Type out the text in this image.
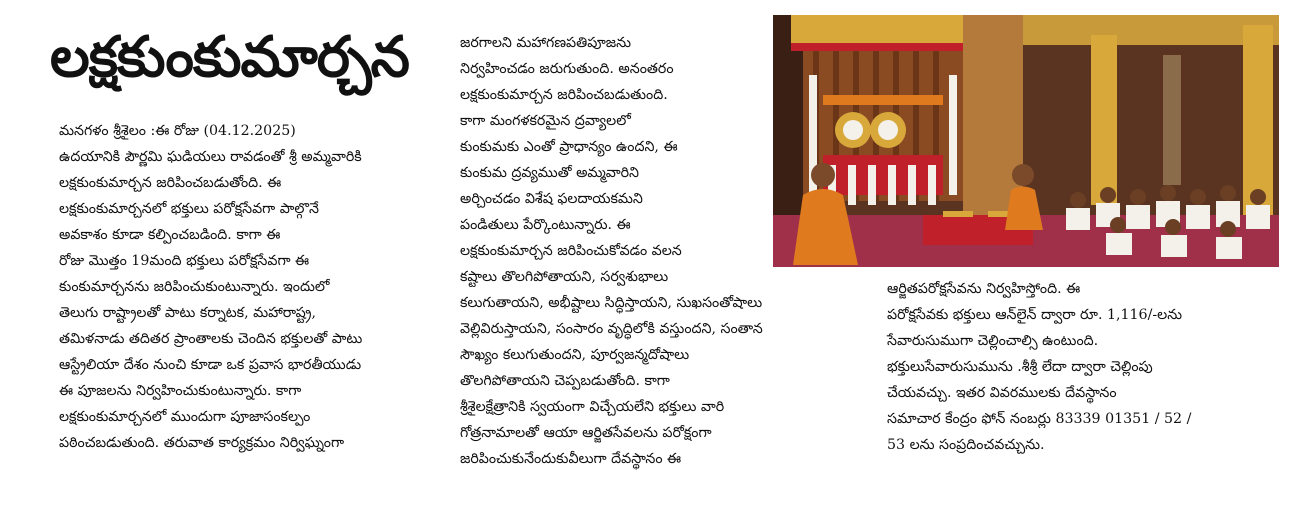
లక్షకుంకుమార్చన
మనగళం శ్రీశైలం :ఈ రోజు (04.12.2025)
ఉదయానికి పౌర్ణమి ఘడియలు రావడంతో శ్రీ అమ్మవారికి
లక్షకుంకుమార్చన జరిపించబడుతోంది. ఈ
లక్షకుంకుమార్చనలో భక్తులు పరోక్షసేవగా పాల్గొనే
అవకాశం కూడా కల్పించబడింది. కాగా ఈ
రోజు మొత్తం 19మంది భక్తులు పరోక్షసేవగా ఈ
కుంకుమార్చనను జరిపించుకుంటున్నారు. ఇందులో
తెలుగు రాష్ట్రాలతో పాటు కర్నాటక, మహారాష్ట్ర,
తమిళనాడు తదితర ప్రాంతాలకు చెందిన భక్తులతో పాటు
ఆస్ట్రేలియా దేశం నుంచి కూడా ఒక ప్రవాస భారతీయుడు
ఈ పూజలను నిర్వహించుకుంటున్నారు. కాగా
లక్షకుంకుమార్చనలో ముందుగా పూజాసంకల్పం
పఠించబడుతుంది. తరువాత కార్యక్రమం నిర్విఘ్నంగా
జరగాలని మహాగణపతిపూజను
నిర్వహించడం జరుగుతుంది. అనంతరం
లక్షకుంకుమార్చన జరిపించబడుతుంది.
కాగా మంగళకరమైన ద్రవ్యాలలో
కుంకుమకు ఎంతో ప్రాధాన్యం ఉందని, ఈ
కుంకుమ ద్రవ్యముతో అమ్మవారిని
అర్చించడం విశేష ఫలదాయకమని
పండితులు పేర్కొంటున్నారు. ఈ
లక్షకుంకుమార్చన జరిపించుకోవడం వలన
కష్టాలు తొలగిపోతాయని, సర్వశుభాలు
కలుగుతాయని, అభీష్టాలు సిద్ధిస్తాయని, సుఖసంతోషాలు
వెల్లివిరుస్తాయని, సంసారం వృద్ధిలోకి వస్తుందని, సంతాన
సౌఖ్యం కలుగుతుందని, పూర్వజన్మదోషాలు
తొలగిపోతాయని చెప్పబడుతోంది. కాగా
శ్రీశైలక్షేత్రానికి స్వయంగా విచ్చేయలేని భక్తులు వారి
గోత్రనామాలతో ఆయా ఆర్జితసేవలను పరోక్షంగా
జరిపించుకునేందుకువీలుగా దేవస్థానం ఈ
ఆర్జితపరోక్షసేవను నిర్వహిస్తోంది. ఈ
పరోక్షసేవకు భక్తులు ఆన్‌లైన్ ద్వారా రూ. 1,116/-లను
సేవారుసుముగా చెల్లించాల్సి ఉంటుంది.
భక్తులుసేవారుసుమును .శీశ్రీ లేదా ద్వారా చెల్లింపు
చేయవచ్చు. ఇతర వివరములకు దేవస్థానం
సమాచార కేంద్రం ఫోన్ నంబర్లు 83339 01351 / 52 /
53 లను సంప్రదించవచ్చును.
